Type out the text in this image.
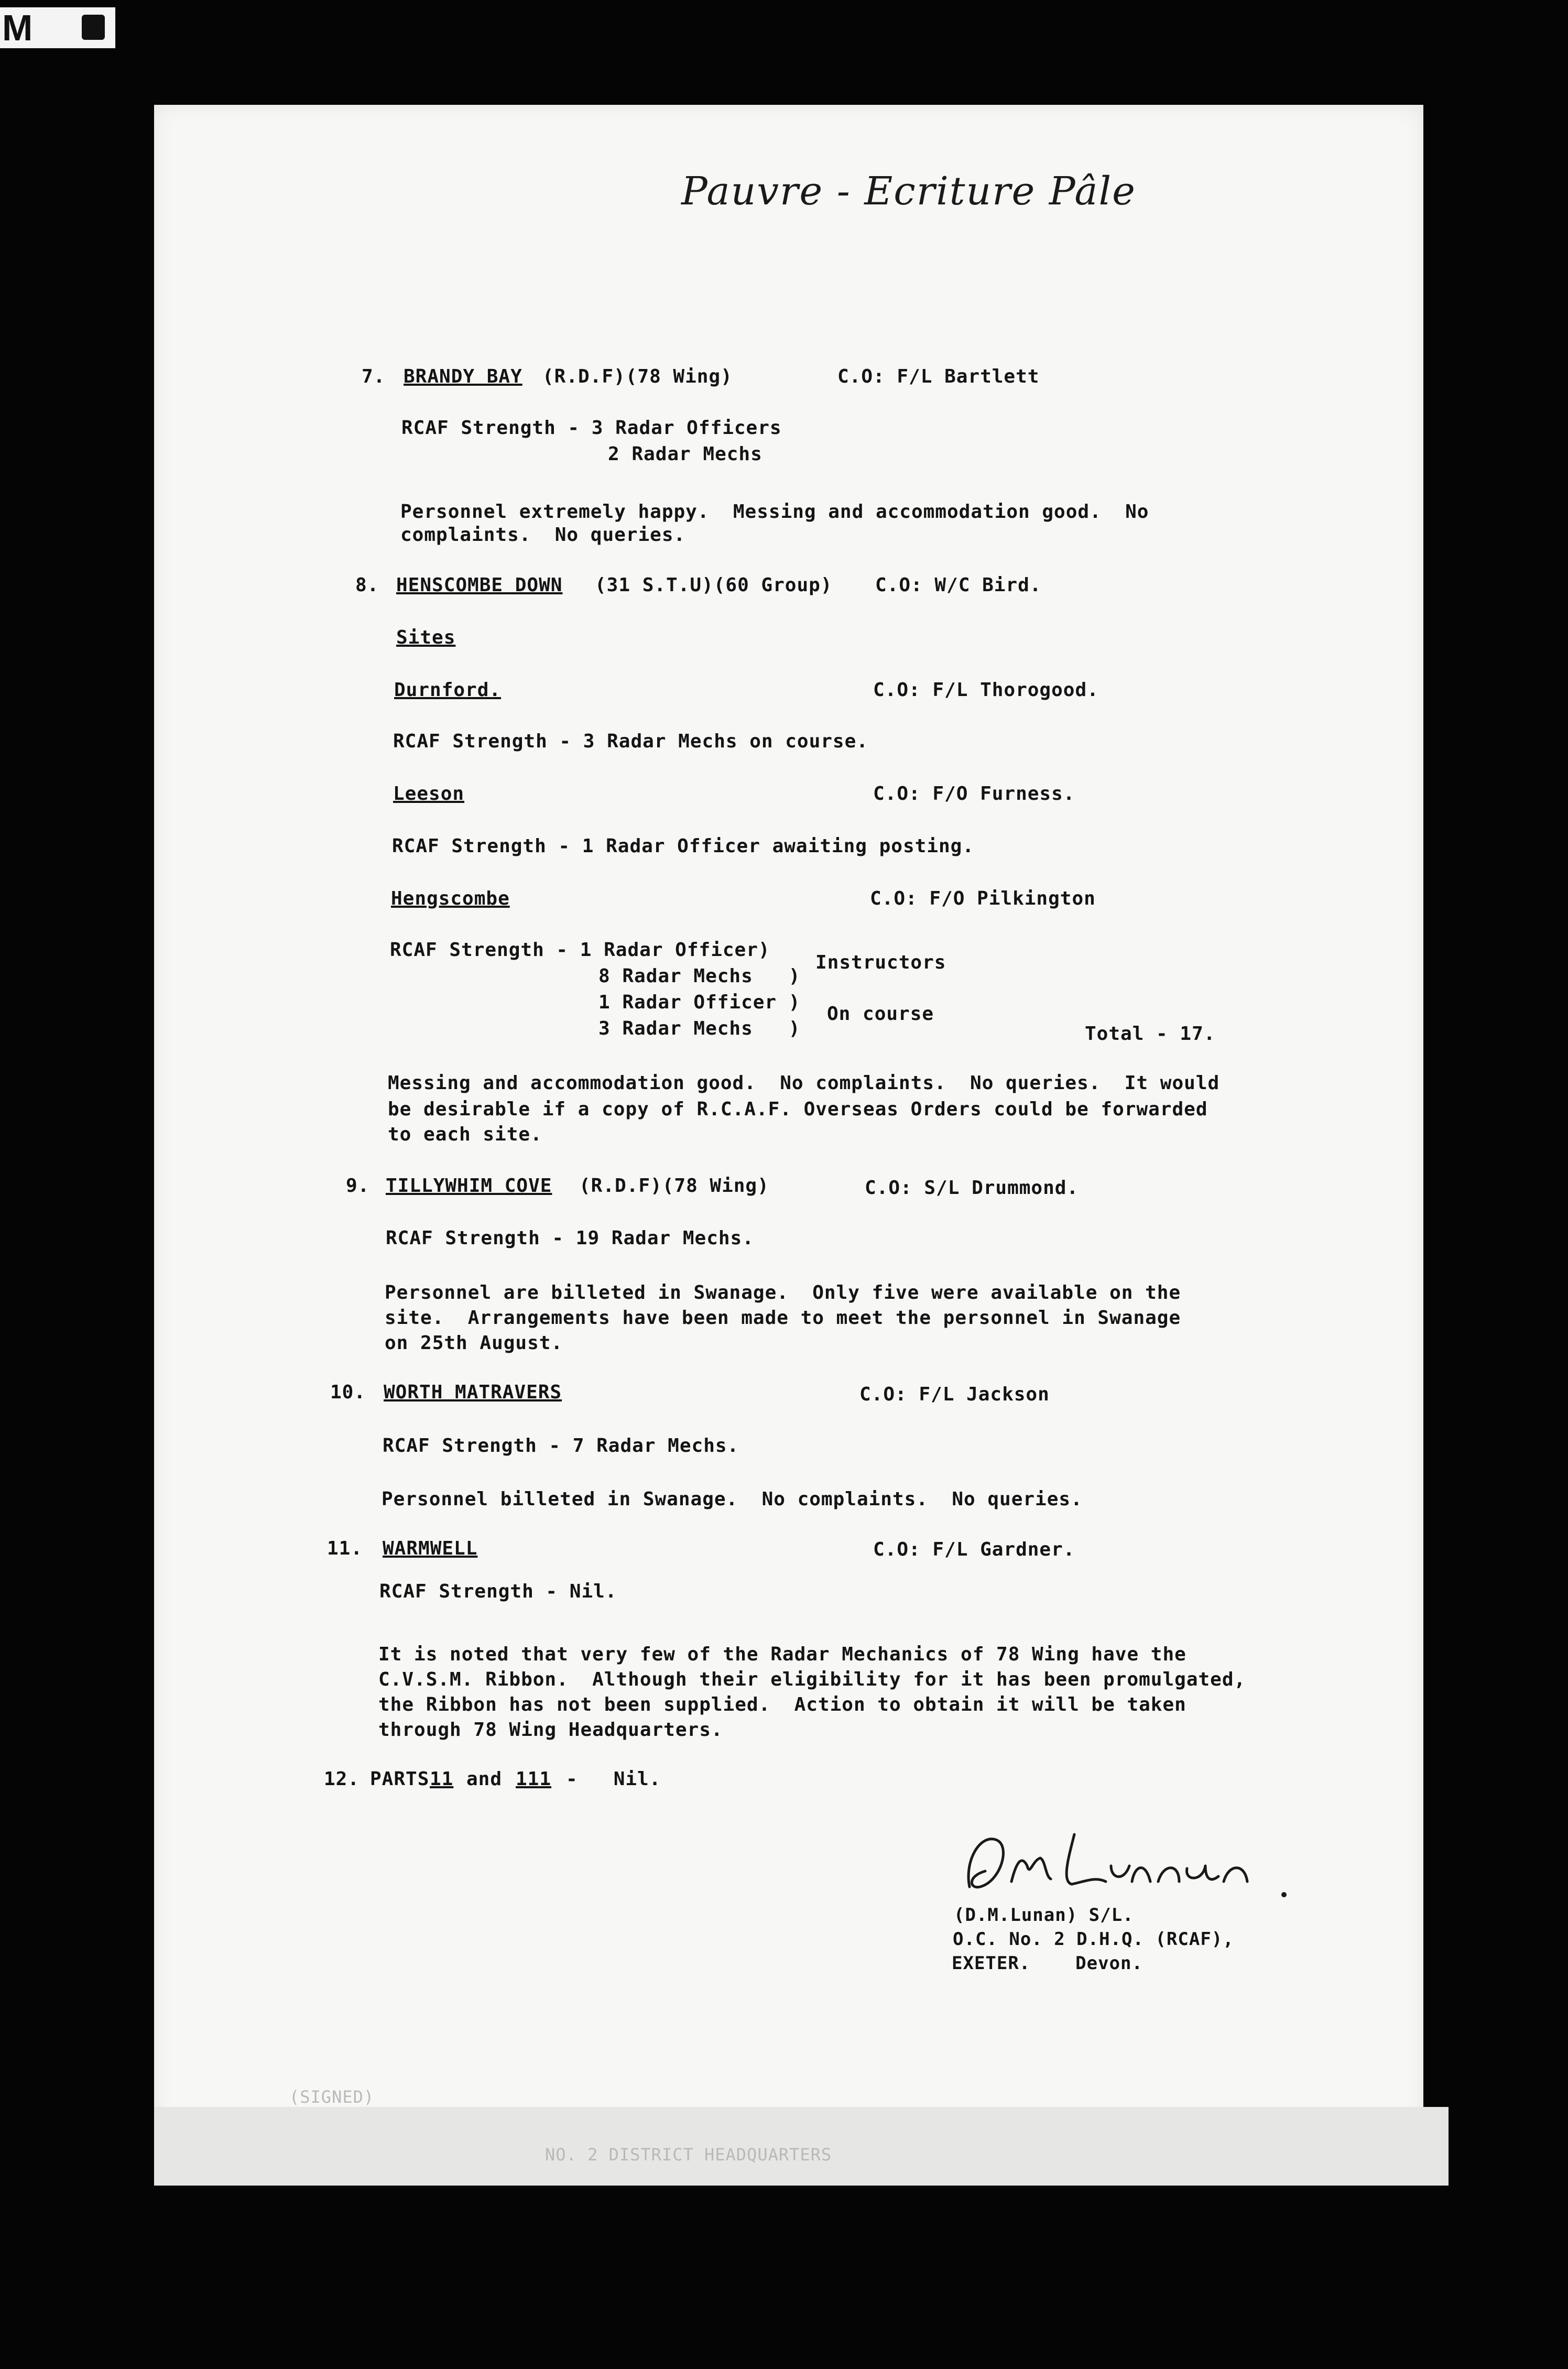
M
Pauvre - Ecriture Pâle
7. BRANDY BAY (R.D.F)(78 Wing)	C.O: F/L Bartlett
RCAF Strength - 3 Radar Officers
2 Radar Mechs
Personnel extremely happy.  Messing and accommodation good.  No
complaints.  No queries.
8. HENSCOMBE DOWN (31 S.T.U)(60 Group) C.O: W/C Bird.
Sites
Durnford.	C.O: F/L Thorogood.
RCAF Strength - 3 Radar Mechs on course.
Leeson	C.O: F/O Furness.
RCAF Strength - 1 Radar Officer awaiting posting.
Hengscombe	C.O: F/O Pilkington
RCAF Strength - 1 Radar Officer)
8 Radar Mechs   )
Instructors
1 Radar Officer )
3 Radar Mechs   )
On course
Total - 17.
Messing and accommodation good.  No complaints.  No queries.  It would
be desirable if a copy of R.C.A.F. Overseas Orders could be forwarded
to each site.
9. TILLYWHIM COVE (R.D.F)(78 Wing)	C.O: S/L Drummond.
RCAF Strength - 19 Radar Mechs.
Personnel are billeted in Swanage.  Only five were available on the
site.  Arrangements have been made to meet the personnel in Swanage
on 25th August.
10. WORTH MATRAVERS	C.O: F/L Jackson
RCAF Strength - 7 Radar Mechs.
Personnel billeted in Swanage.  No complaints.  No queries.
11. WARMWELL	C.O: F/L Gardner.
RCAF Strength - Nil.
It is noted that very few of the Radar Mechanics of 78 Wing have the
C.V.S.M. Ribbon.  Although their eligibility for it has been promulgated,
the Ribbon has not been supplied.  Action to obtain it will be taken
through 78 Wing Headquarters.
12. PARTS 11 and 111 -   Nil.
(D.M.Lunan) S/L.
O.C. No. 2 D.H.Q. (RCAF),
EXETER.    Devon.
(SIGNED)
NO. 2 DISTRICT HEADQUARTERS
